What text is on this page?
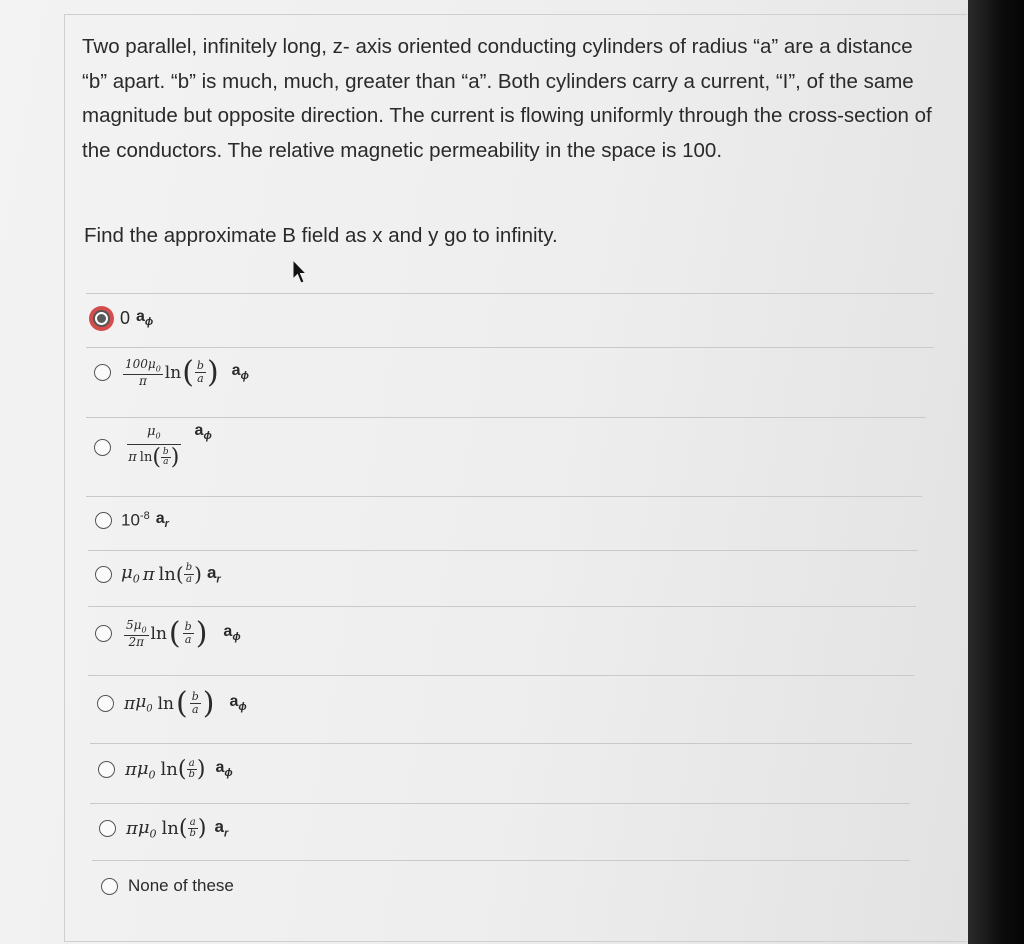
Two parallel, infinitely long, z- axis oriented conducting cylinders of radius “a” are a distance “b” apart. “b” is much, much, greater than “a”. Both cylinders carry a current, “I”, of the same magnitude but opposite direction. The current is flowing uniformly through the cross-section of the conductors. The relative magnetic permeability in the space is 100.

Find the approximate B field as x and y go to infinity.

0 $a_\phi$
$\frac{100\mu_0}{\pi}$ ln ( $\frac{b}{a}$ ) $a_\phi$
$\mu_0$
π ln ( $\frac{b}{a}$ )
$a_\phi$
$10^{-8}$ $a_r$
$\mu_0$ π ln ( $\frac{b}{a}$ ) $a_r$
$\frac{5\mu_0}{2\pi}$ ln ( $\frac{b}{a}$ ) $a_\phi$
π $\mu_0$ ln ( $\frac{b}{a}$ ) $a_\phi$
π $\mu_0$ ln ( $\frac{a}{b}$ ) $a_\phi$
π $\mu_0$ ln ( $\frac{a}{b}$ ) $a_r$
None of these
